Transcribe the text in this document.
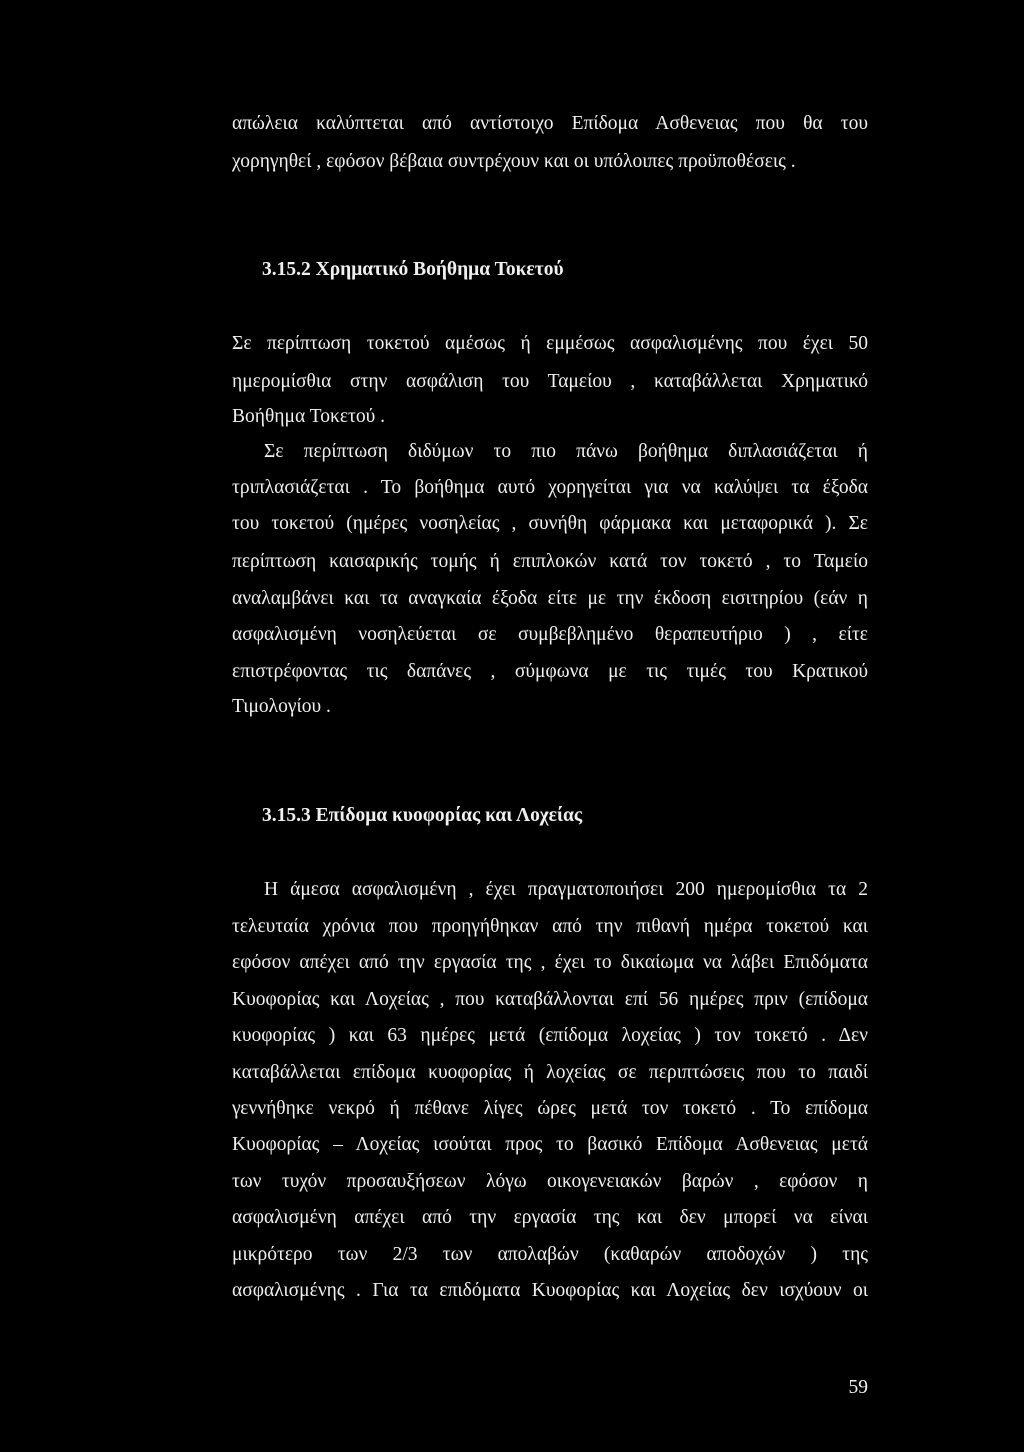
απώλεια καλύπτεται από αντίστοιχο Επίδομα Ασθενειας που θα του
χορηγηθεί , εφόσον βέβαια συντρέχουν και οι υπόλοιπες προϋποθέσεις .
3.15.2 Χρηματικό Βοήθημα Τοκετού
Σε περίπτωση τοκετού αμέσως ή εμμέσως ασφαλισμένης που έχει 50
ημερομίσθια στην ασφάλιση του Ταμείου , καταβάλλεται Χρηματικό
Βοήθημα Τοκετού .
Σε περίπτωση διδύμων το πιο πάνω βοήθημα διπλασιάζεται ή
τριπλασιάζεται . Το βοήθημα αυτό χορηγείται για να καλύψει τα έξοδα
του τοκετού (ημέρες νοσηλείας , συνήθη φάρμακα και μεταφορικά ). Σε
περίπτωση καισαρικής τομής ή επιπλοκών κατά τον τοκετό , το Ταμείο
αναλαμβάνει και τα αναγκαία έξοδα είτε με την έκδοση εισιτηρίου (εάν η
ασφαλισμένη νοσηλεύεται σε συμβεβλημένο θεραπευτήριο ) , είτε
επιστρέφοντας τις δαπάνες , σύμφωνα με τις τιμές του Κρατικού
Τιμολογίου .
3.15.3 Επίδομα κυοφορίας και Λοχείας
Η άμεσα ασφαλισμένη , έχει πραγματοποιήσει 200 ημερομίσθια τα 2
τελευταία χρόνια που προηγήθηκαν από την πιθανή ημέρα τοκετού και
εφόσον απέχει από την εργασία της , έχει το δικαίωμα να λάβει Επιδόματα
Κυοφορίας και Λοχείας , που καταβάλλονται επί 56 ημέρες πριν (επίδομα
κυοφορίας ) και 63 ημέρες μετά (επίδομα λοχείας ) τον τοκετό . Δεν
καταβάλλεται επίδομα κυοφορίας ή λοχείας σε περιπτώσεις που το παιδί
γεννήθηκε νεκρό ή πέθανε λίγες ώρες μετά τον τοκετό . Το επίδομα
Κυοφορίας – Λοχείας ισούται προς το βασικό Επίδομα Ασθενειας μετά
των τυχόν προσαυξήσεων λόγω οικογενειακών βαρών , εφόσον η
ασφαλισμένη απέχει από την εργασία της και δεν μπορεί να είναι
μικρότερο των 2/3 των απολαβών (καθαρών αποδοχών ) της
ασφαλισμένης . Για τα επιδόματα Κυοφορίας και Λοχείας δεν ισχύουν οι
59
